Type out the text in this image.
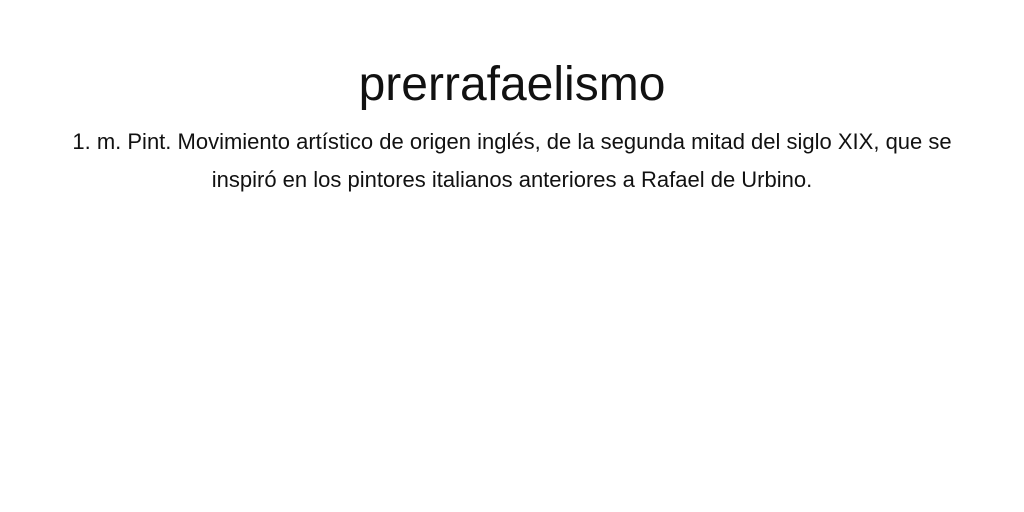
prerrafaelismo

1. m. Pint. Movimiento artístico de origen inglés, de la segunda mitad del siglo XIX, que se inspiró en los pintores italianos anteriores a Rafael de Urbino.
